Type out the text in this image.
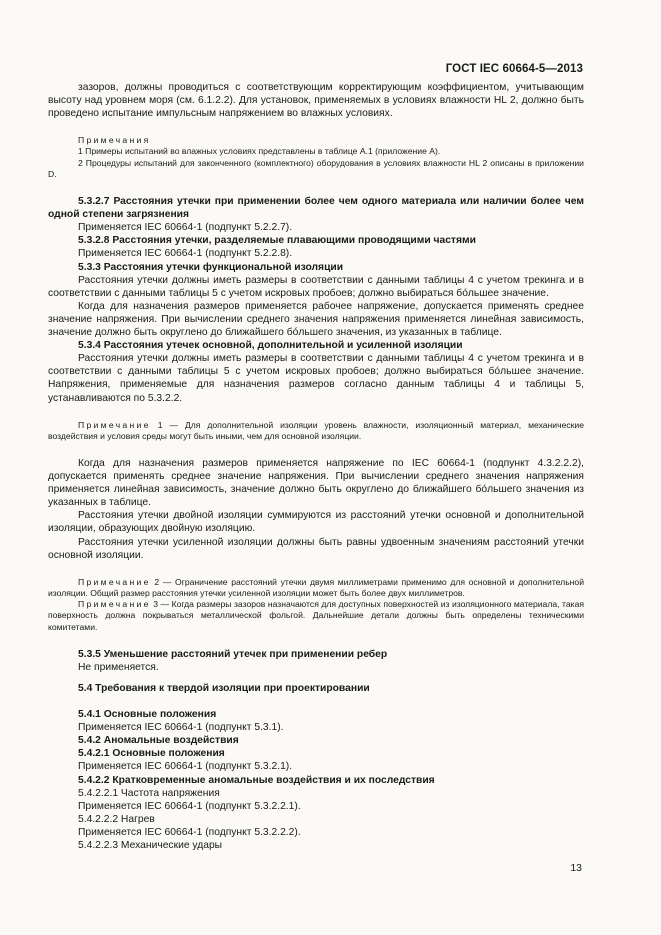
ГОСТ IEC 60664-5—2013

зазоров, должны проводиться с соответствующим корректирующим коэффициентом, учитывающим высоту над уровнем моря (см. 6.1.2.2). Для установок, применяемых в условиях влажности HL 2, должно быть проведено испытание импульсным напряжением во влажных условиях.

Примечания

1 Примеры испытаний во влажных условиях представлены в таблице А.1 (приложение А).

2 Процедуры испытаний для законченного (комплектного) оборудования в условиях влажности HL 2 описаны в приложении D.

5.3.2.7 Расстояния утечки при применении более чем одного материала или наличии более чем одной степени загрязнения

Применяется IEC 60664-1 (подпункт 5.2.2.7).

5.3.2.8 Расстояния утечки, разделяемые плавающими проводящими частями

Применяется IEC 60664-1 (подпункт 5.2.2.8).

5.3.3 Расстояния утечки функциональной изоляции

Расстояния утечки должны иметь размеры в соответствии с данными таблицы 4 с учетом трекинга и в соответствии с данными таблицы 5 с учетом искровых пробоев; должно выбираться бóльшее значение.

Когда для назначения размеров применяется рабочее напряжение, допускается применять среднее значение напряжения. При вычислении среднего значения напряжения применяется линейная зависимость, значение должно быть округлено до ближайшего бóльшего значения, из указанных в таблице.

5.3.4 Расстояния утечек основной, дополнительной и усиленной изоляции

Расстояния утечки должны иметь размеры в соответствии с данными таблицы 4 с учетом трекинга и в соответствии с данными таблицы 5 с учетом искровых пробоев; должно выбираться бóльшее значение. Напряжения, применяемые для назначения размеров согласно данным таблицы 4 и таблицы 5, устанавливаются по 5.3.2.2.

Примечание 1 — Для дополнительной изоляции уровень влажности, изоляционный материал, механические воздействия и условия среды могут быть иными, чем для основной изоляции.

Когда для назначения размеров применяется напряжение по IEC 60664-1 (подпункт 4.3.2.2.2), допускается применять среднее значение напряжения. При вычислении среднего значения напряжения применяется линейная зависимость, значение должно быть округлено до ближайшего бóльшего значения из указанных в таблице.

Расстояния утечки двойной изоляции суммируются из расстояний утечки основной и дополнительной изоляции, образующих двойную изоляцию.

Расстояния утечки усиленной изоляции должны быть равны удвоенным значениям расстояний утечки основной изоляции.

Примечание 2 — Ограничение расстояний утечки двумя миллиметрами применимо для основной и дополнительной изоляции. Общий размер расстояния утечки усиленной изоляции может быть более двух миллиметров.

Примечание 3 — Когда размеры зазоров назначаются для доступных поверхностей из изоляционного материала, такая поверхность должна покрываться металлической фольгой. Дальнейшие детали должны быть определены техническими комитетами.

5.3.5 Уменьшение расстояний утечек при применении ребер

Не применяется.

5.4 Требования к твердой изоляции при проектировании

5.4.1 Основные положения

Применяется IEC 60664-1 (подпункт 5.3.1).

5.4.2 Аномальные воздействия

5.4.2.1 Основные положения

Применяется IEC 60664-1 (подпункт 5.3.2.1).

5.4.2.2 Кратковременные аномальные воздействия и их последствия

5.4.2.2.1 Частота напряжения

Применяется IEC 60664-1 (подпункт 5.3.2.2.1).

5.4.2.2.2 Нагрев

Применяется IEC 60664-1 (подпункт 5.3.2.2.2).

5.4.2.2.3 Механические удары

13
